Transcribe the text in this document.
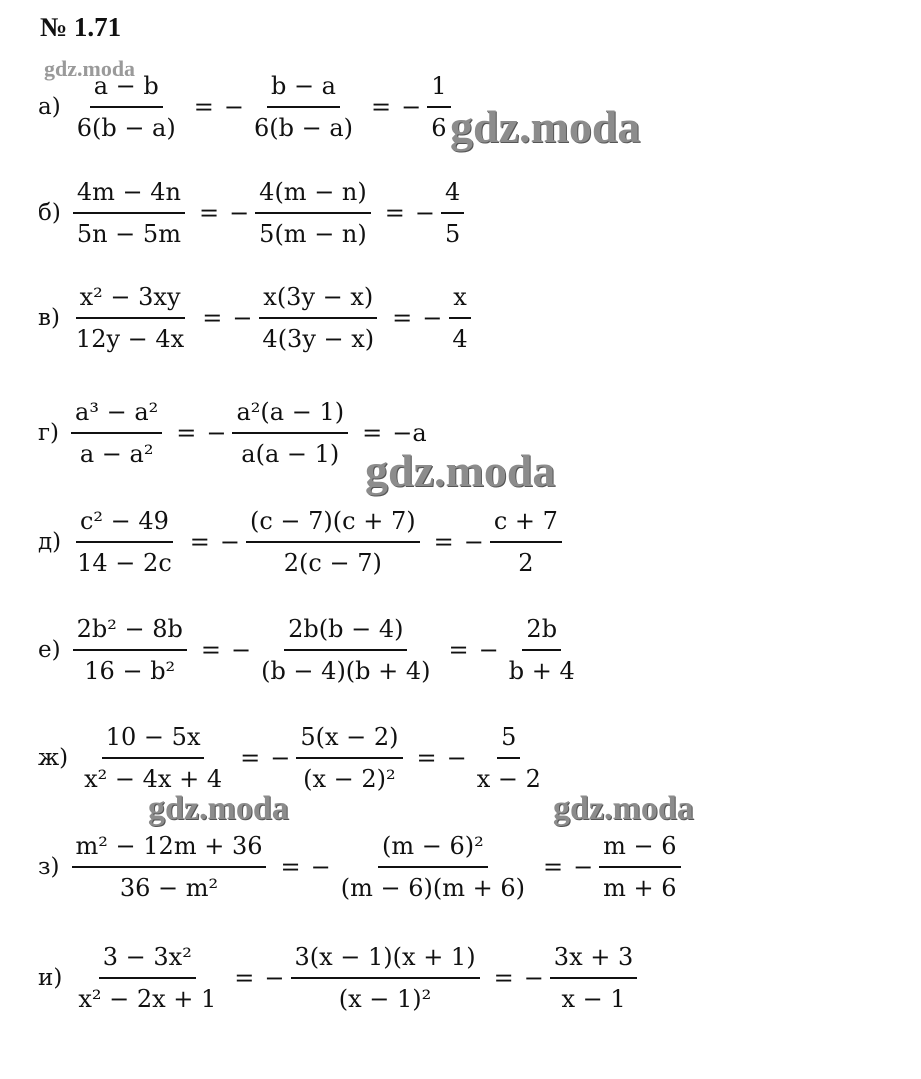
№ 1.71
$а) \frac{a - b}{6(b - a)}$ = − $\frac{b - a}{6(b - a)}$ = − $\frac{1}{6}$
$б) \frac{4m - 4n}{5n - 5m}$ = − $\frac{4(m - n)}{5(m - n)}$ = − $\frac{4}{5}$
$в) \frac{\text{x² − 3xy}}{12y - 4x}$ = − $\frac{x(3y - x)}{4(3y - x)}$ = − $\frac{x}{4}$
$г) \frac{\text{a³ − a²}}{\text{a − a²}}$ = − $\frac{\text{a²(a − 1)}}{a(a - 1)} = -a$
$д) \frac{\text{c² − 49}}{14 - 2c}$ = − $\frac{(c - 7)(c + 7)}{2(c - 7)}$ = − $\frac{c + 7}{2}$
$е) \frac{\text{2b² − 8b}}{\text{16 − b²}}$ = − $\frac{2b(b - 4)}{(b - 4)(b + 4)}$ = − $\frac{2b}{b + 4}$
$ж) \frac{10 - 5x}{\text{x² − 4x + 4}}$ = − $\frac{5(x - 2)}{\text{(x − 2)²}}$ = − $\frac{5}{x - 2}$
$з) \frac{\text{m² − 12m + 36}}{\text{36 − m²}}$ = − $\frac{\text{(m − 6)²}}{(m - 6)(m + 6)}$ = − $\frac{m - 6}{m + 6}$
$и) \frac{\text{3 − 3x²}}{\text{x² − 2x + 1}}$ = − $\frac{3(x - 1)(x + 1)}{\text{(x − 1)²}}$ = − $\frac{3x + 3}{x - 1}$
gdz.moda
gdz.moda
gdz.moda
gdz.moda	gdz.moda
